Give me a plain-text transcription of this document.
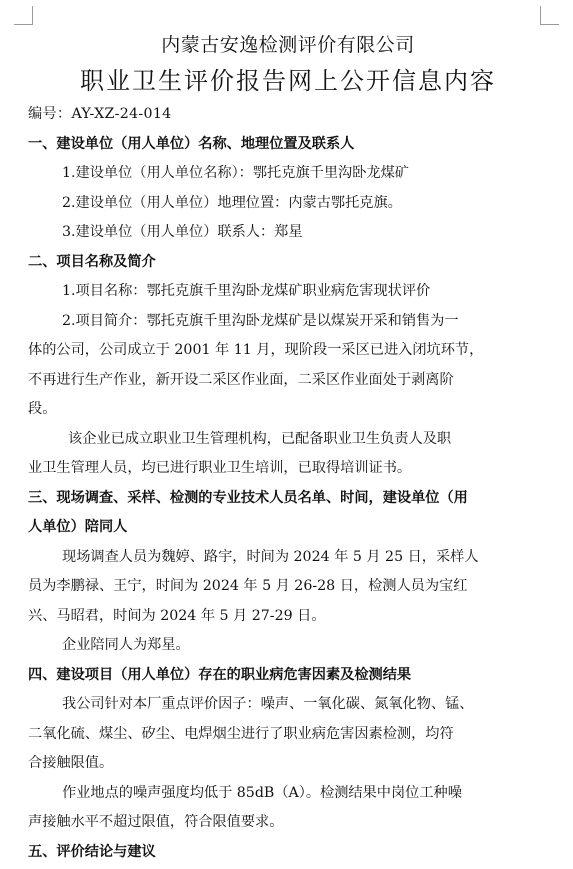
内蒙古安逸检测评价有限公司
职业卫生评价报告网上公开信息内容
编号：AY-XZ-24-014
一、建设单位（用人单位）名称、地理位置及联系人
1.建设单位（用人单位名称）：鄂托克旗千里沟卧龙煤矿
2.建设单位（用人单位）地理位置：内蒙古鄂托克旗。
3.建设单位（用人单位）联系人：郑星
二、项目名称及简介
1.项目名称：鄂托克旗千里沟卧龙煤矿职业病危害现状评价
2.项目简介：鄂托克旗千里沟卧龙煤矿是以煤炭开采和销售为一
体的公司，公司成立于 2001 年 11 月，现阶段一采区已进入闭坑环节，
不再进行生产作业，新开设二采区作业面，二采区作业面处于剥离阶
段。
该企业已成立职业卫生管理机构，已配备职业卫生负责人及职
业卫生管理人员，均已进行职业卫生培训，已取得培训证书。
三、现场调查、采样、检测的专业技术人员名单、时间，建设单位（用
人单位）陪同人
现场调查人员为魏婷、路宇，时间为 2024 年 5 月 25 日，采样人
员为李鹏禄、王宁，时间为 2024 年 5 月 26-28 日，检测人员为宝红
兴、马昭君，时间为 2024 年 5 月 27-29 日。
企业陪同人为郑星。
四、建设项目（用人单位）存在的职业病危害因素及检测结果
我公司针对本厂重点评价因子：噪声、一氧化碳、氮氧化物、锰、
二氧化硫、煤尘、矽尘、电焊烟尘进行了职业病危害因素检测，均符
合接触限值。
作业地点的噪声强度均低于 85dB（A）。检测结果中岗位工种噪
声接触水平不超过限值，符合限值要求。
五、评价结论与建议
